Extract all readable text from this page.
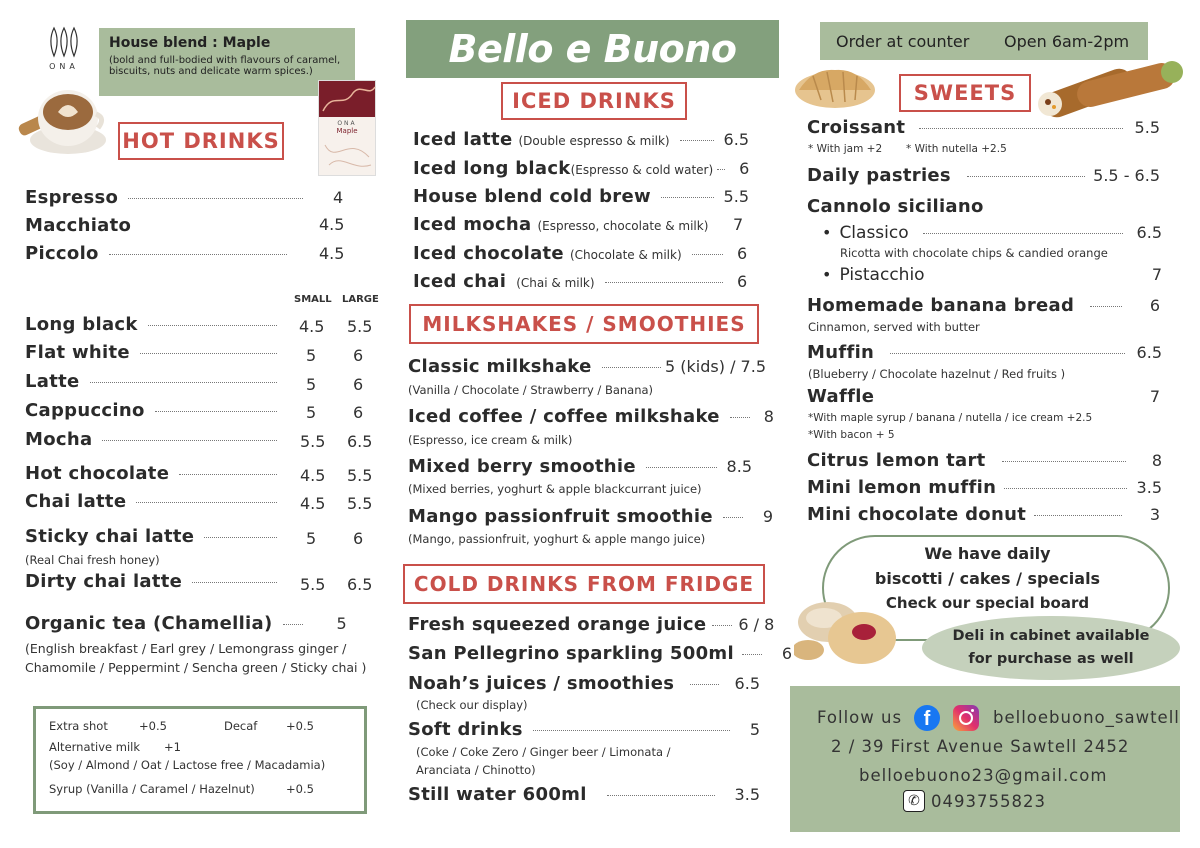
ONA
House blend : Maple
(bold and full-bodied with flavours of caramel,
biscuits, nuts and delicate warm spices.)
ONA
Maple
HOT DRINKS
Espresso	4
Macchiato	4.5
Piccolo	4.5
SMALL LARGE
Long black	4.5 5.5
Flat white	5 6
Latte	5 6
Cappuccino	5 6
Mocha	5.5 6.5
Hot chocolate	4.5 5.5
Chai latte	4.5 5.5
Sticky chai latte	5 6
(Real Chai fresh honey)
Dirty chai latte	5.5 6.5
Organic tea (Chamellia)	5
(English breakfast / Earl grey / Lemongrass ginger /
Chamomile / Peppermint / Sencha green / Sticky chai )
Extra shot	+0.5	Decaf +0.5
Alternative milk +1
(Soy / Almond / Oat / Lactose free / Macadamia)
Syrup (Vanilla / Caramel / Hazelnut)	+0.5
Bello e Buono
ICED DRINKS
Iced latte (Double espresso & milk)	6.5
Iced long black (Espresso & cold water) 6
House blend cold brew	5.5
Iced mocha (Espresso, chocolate & milk) 7
Iced chocolate (Chocolate & milk)	6
Iced chai (Chai & milk)	6
MILKSHAKES / SMOOTHIES
Classic milkshake	5 (kids) / 7.5
(Vanilla / Chocolate / Strawberry / Banana)
Iced coffee / coffee milkshake	8
(Espresso, ice cream & milk)
Mixed berry smoothie	8.5
(Mixed berries, yoghurt & apple blackcurrant juice)
Mango passionfruit smoothie	9
(Mango, passionfruit, yoghurt & apple mango juice)
COLD DRINKS FROM FRIDGE
Fresh squeezed orange juice 6 / 8
San Pellegrino sparkling 500ml	6
Noah’s juices / smoothies	6.5
(Check our display)
Soft drinks	5
(Coke / Coke Zero / Ginger beer / Limonata /
Aranciata / Chinotto)
Still water 600ml	3.5
Order at counter Open 6am-2pm
SWEETS
Croissant	5.5
* With jam +2 * With nutella +2.5
Daily pastries	5.5 - 6.5
Cannolo siciliano
• Classico	6.5
Ricotta with chocolate chips & candied orange
• Pistacchio	7
Homemade banana bread	6
Cinnamon, served with butter
Muffin	6.5
(Blueberry / Chocolate hazelnut / Red fruits )
Waffle	7
*With maple syrup / banana / nutella / ice cream +2.5
*With bacon + 5
Citrus lemon tart	8
Mini lemon muffin	3.5
Mini chocolate donut	3
We have daily
biscotti / cakes / specials
Check our special board
Deli in cabinet available
for purchase as well
Follow us	f	belloebuono_sawtell
2 / 39 First Avenue Sawtell 2452
belloebuono23@gmail.com
✆ 0493755823
